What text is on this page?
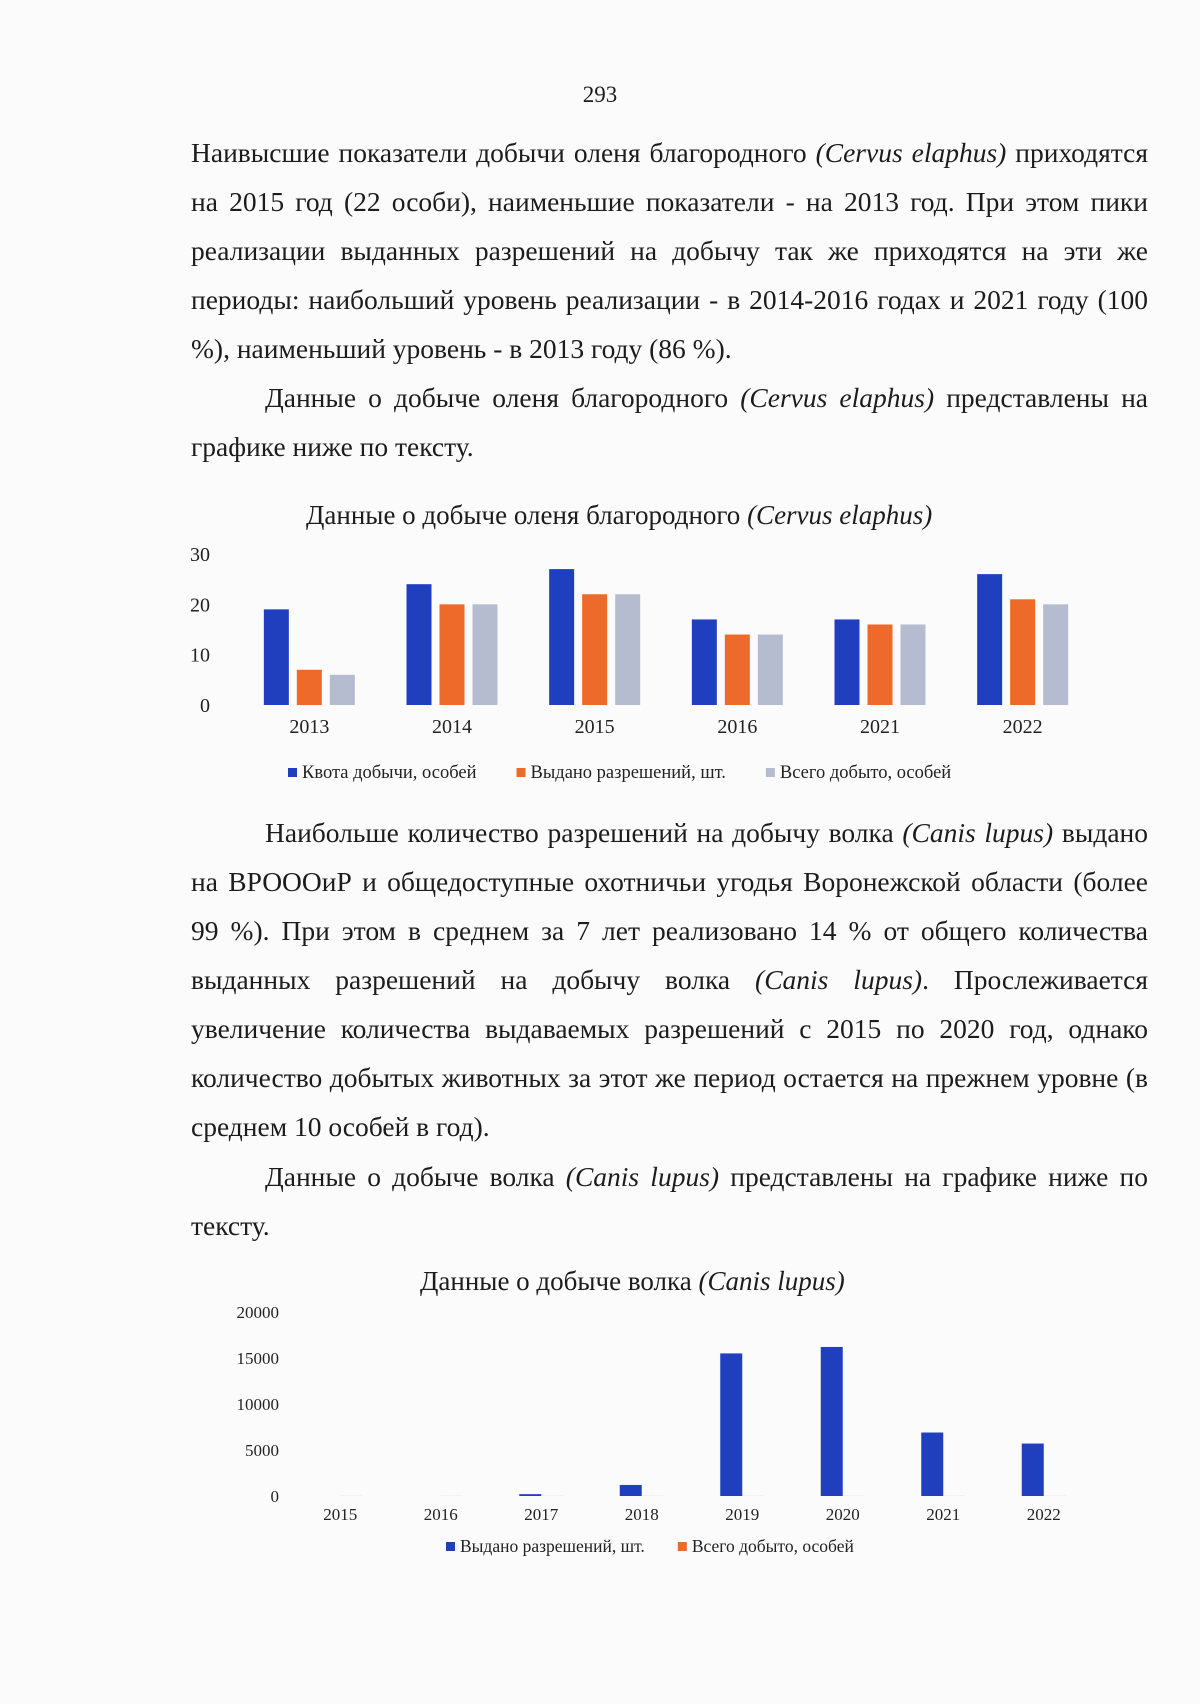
293

Наивысшие показатели добычи оленя благородного (Cervus elaphus) приходятся на 2015 год (22 особи), наименьшие показатели - на 2013 год. При этом пики реализации выданных разрешений на добычу так же приходятся на эти же периоды: наибольший уровень реализации - в 2014-2016 годах и 2021 году (100 %), наименьший уровень - в 2013 году (86 %).

Данные о добыче оленя благородного (Cervus elaphus) представлены на графике ниже по тексту.

Данные о добыче оленя благородного (Cervus elaphus)
30
20
10
0
2013	2014	2015	2016	2021	2022
Квота добычи, особей	Выдано разрешений, шт.	Всего добыто, особей

Наибольше количество разрешений на добычу волка (Canis lupus) выдано на ВРОООиР и общедоступные охотничьи угодья Воронежской области (более 99 %). При этом в среднем за 7 лет реализовано 14 % от общего количества выданных разрешений на добычу волка (Canis lupus). Прослеживается увеличение количества выдаваемых разрешений с 2015 по 2020 год, однако количество добытых животных за этот же период остается на прежнем уровне (в среднем 10 особей в год).

Данные о добыче волка (Canis lupus) представлены на графике ниже по тексту.

Данные о добыче волка (Canis lupus)
20000
15000
10000
5000
0
2015	2016	2017	2018	2019	2020	2021	2022
Выдано разрешений, шт.	Всего добыто, особей
